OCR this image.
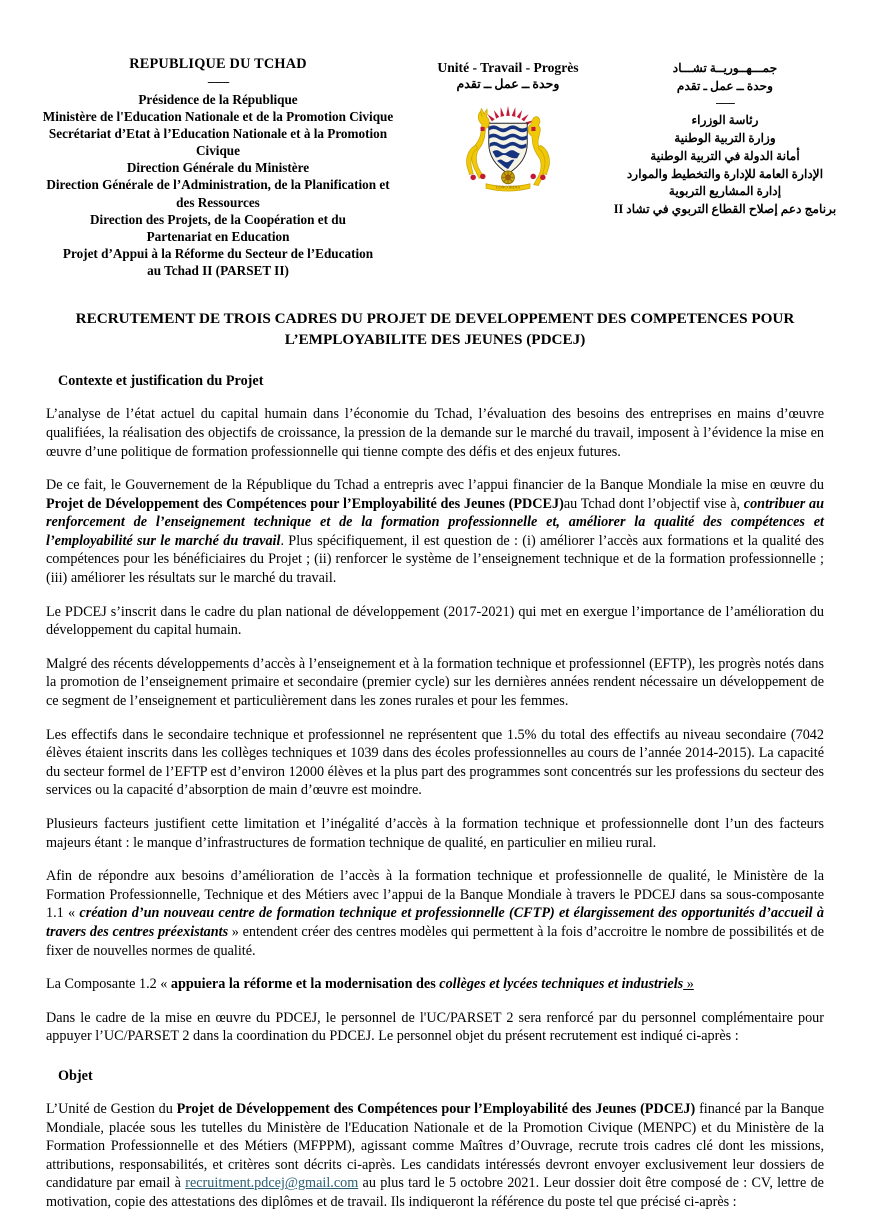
REPUBLIQUE DU TCHAD
--------
Présidence de la République
Ministère de l'Education Nationale et de la Promotion Civique
Secrétariat d’Etat à l’Education Nationale et à la Promotion
Civique
Direction Générale du Ministère
Direction Générale de l’Administration, de la Planification et
des Ressources
Direction des Projets, de la Coopération et du
Partenariat en Education
Projet d’Appui à la Réforme du Secteur de l’Education
au Tchad II (PARSET II)
Unité - Travail - Progrès
وحدة ــ عمل ــ تقدم
CONCORDIA
جمـــهــوريــة تشـــاد
وحدة ــ عمل ـ تقدم
-------
رئاسة الوزراء
وزارة التربية الوطنية
أمانة الدولة في التربية الوطنية
الإدارة العامة للإدارة والتخطيط والموارد
إدارة المشاريع التربوية
برنامج دعم إصلاح القطاع التربوي في تشاد II
RECRUTEMENT DE TROIS CADRES DU PROJET DE DEVELOPPEMENT DES COMPETENCES POUR L’EMPLOYABILITE DES JEUNES (PDCEJ)
Contexte et justification du Projet

L’analyse de l’état actuel du capital humain dans l’économie du Tchad, l’évaluation des besoins des entreprises en mains d’œuvre qualifiées, la réalisation des objectifs de croissance, la pression de la demande sur le marché du travail, imposent à l’évidence la mise en œuvre d’une politique de formation professionnelle qui tienne compte des défis et des enjeux futures.

De ce fait, le Gouvernement de la République du Tchad a entrepris avec l’appui financier de la Banque Mondiale la mise en œuvre du Projet de Développement des Compétences pour l’Employabilité des Jeunes (PDCEJ)au Tchad dont l’objectif vise à, contribuer au renforcement de l’enseignement technique et de la formation professionnelle et, améliorer la qualité des compétences et l’employabilité sur le marché du travail. Plus spécifiquement, il est question de : (i) améliorer l’accès aux formations et la qualité des compétences pour les bénéficiaires du Projet ; (ii) renforcer le système de l’enseignement technique et de la formation professionnelle ; (iii) améliorer les résultats sur le marché du travail.

Le PDCEJ s’inscrit dans le cadre du plan national de développement (2017-2021) qui met en exergue l’importance de l’amélioration du développement du capital humain.

Malgré des récents développements d’accès à l’enseignement et à la formation technique et professionnel (EFTP), les progrès notés dans la promotion de l’enseignement primaire et secondaire (premier cycle) sur les dernières années rendent nécessaire un développement de ce segment de l’enseignement et particulièrement dans les zones rurales et pour les femmes.

Les effectifs dans le secondaire technique et professionnel ne représentent que 1.5% du total des effectifs au niveau secondaire (7042 élèves étaient inscrits dans les collèges techniques et 1039 dans des écoles professionnelles au cours de l’année 2014-2015). La capacité du secteur formel de l’EFTP est d’environ 12000 élèves et la plus part des programmes sont concentrés sur les professions du secteur des services ou la capacité d’absorption de main d’œuvre est moindre.

Plusieurs facteurs justifient cette limitation et l’inégalité d’accès à la formation technique et professionnelle dont l’un des facteurs majeurs étant : le manque d’infrastructures de formation technique de qualité, en particulier en milieu rural.

Afin de répondre aux besoins d’amélioration de l’accès à la formation technique et professionnelle de qualité, le Ministère de la Formation Professionnelle, Technique et des Métiers avec l’appui de la Banque Mondiale à travers le PDCEJ dans sa sous-composante 1.1 « création d’un nouveau centre de formation technique et professionnelle (CFTP) et élargissement des opportunités d’accueil à travers des centres préexistants » entendent créer des centres modèles qui permettent à la fois d’accroitre le nombre de possibilités et de fixer de nouvelles normes de qualité.

La Composante 1.2 « appuiera la réforme et la modernisation des collèges et lycées techniques et industriels »

Dans le cadre de la mise en œuvre du PDCEJ, le personnel de l'UC/PARSET 2 sera renforcé par du personnel complémentaire pour appuyer l’UC/PARSET 2 dans la coordination du PDCEJ. Le personnel objet du présent recrutement est indiqué ci-après :

Objet

L’Unité de Gestion du Projet de Développement des Compétences pour l’Employabilité des Jeunes (PDCEJ) financé par la Banque Mondiale, placée sous les tutelles du Ministère de l'Education Nationale et de la Promotion Civique (MENPC) et du Ministère de la Formation Professionnelle et des Métiers (MFPPM), agissant comme Maîtres d’Ouvrage, recrute trois cadres clé dont les missions, attributions, responsabilités, et critères sont décrits ci-après. Les candidats intéressés devront envoyer exclusivement leur dossiers de candidature par email à recruitment.pdcej@gmail.com au plus tard le 5 octobre 2021. Leur dossier doit être composé de : CV, lettre de motivation, copie des attestations des diplômes et de travail. Ils indiqueront la référence du poste tel que précisé ci-après :
